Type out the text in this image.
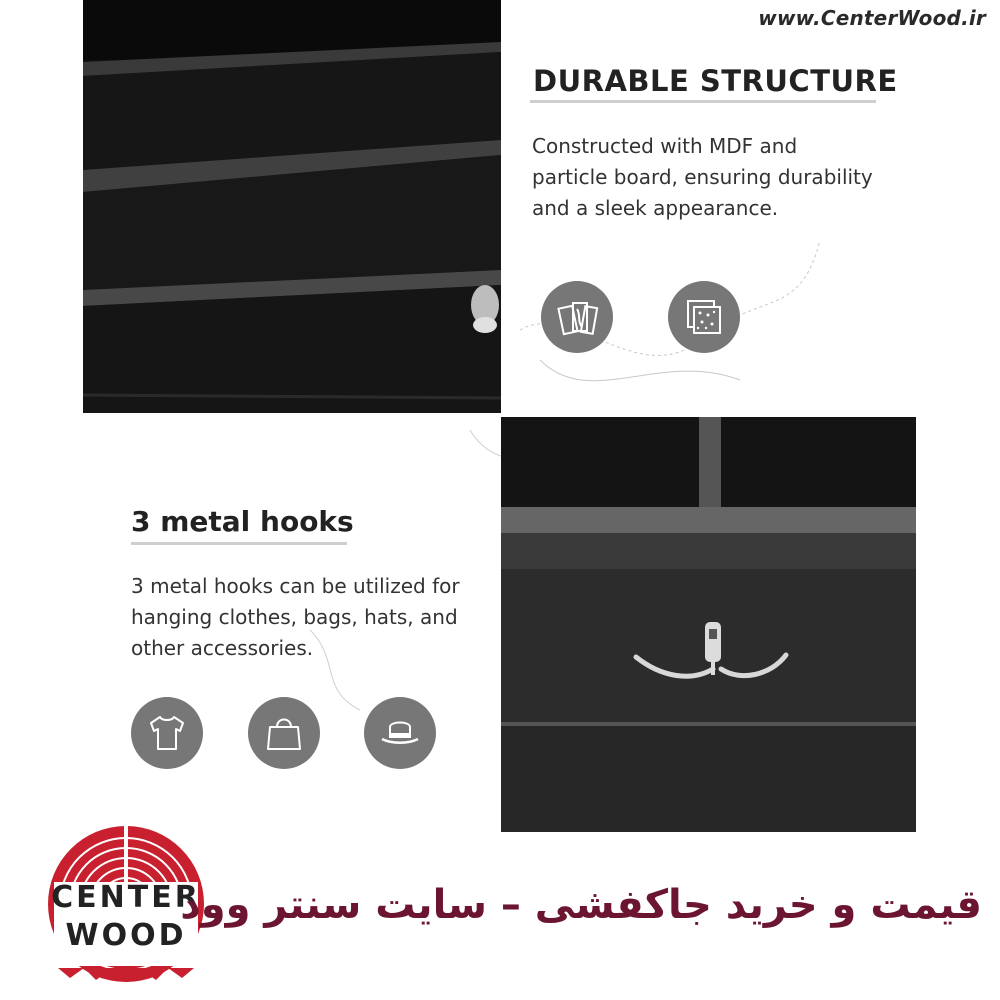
www.CenterWood.ir
DURABLE STRUCTURE
Constructed with MDF and
particle board, ensuring durability
and a sleek appearance.
3 metal hooks
3 metal hooks can be utilized for
hanging clothes, bags, hats, and
other accessories.
CENTER
WOOD
قیمت و خرید جاکفشی – سایت سنتر وود
